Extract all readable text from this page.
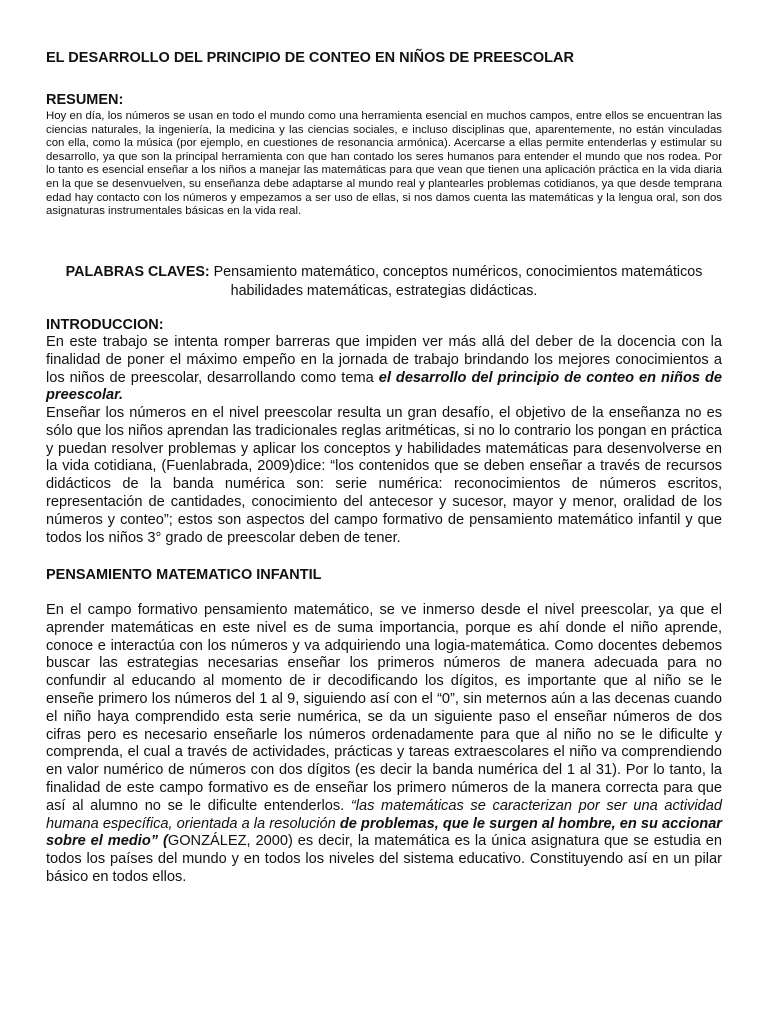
EL DESARROLLO DEL PRINCIPIO DE CONTEO EN NIÑOS DE PREESCOLAR
RESUMEN:

Hoy en día, los números se usan en todo el mundo como una herramienta esencial en muchos campos, entre ellos se encuentran las ciencias naturales, la ingeniería, la medicina y las ciencias sociales, e incluso disciplinas que, aparentemente, no están vinculadas con ella, como la música (por ejemplo, en cuestiones de resonancia armónica). Acercarse a ellas permite entenderlas y estimular su desarrollo, ya que son la principal herramienta con que han contado los seres humanos para entender el mundo que nos rodea. Por lo tanto es esencial enseñar a los niños a manejar las matemáticas para que vean que tienen una aplicación práctica en la vida diaria en la que se desenvuelven, su enseñanza debe adaptarse al mundo real y plantearles problemas cotidianos, ya que desde temprana edad hay contacto con los números y empezamos a ser uso de ellas, si nos damos cuenta las matemáticas y la lengua oral, son dos asignaturas instrumentales básicas en la vida real.

PALABRAS CLAVES: Pensamiento matemático, conceptos numéricos, conocimientos matemáticos habilidades matemáticas, estrategias didácticas.
INTRODUCCION:

En este trabajo se intenta romper barreras que impiden ver más allá del deber de la docencia con la finalidad de poner el máximo empeño en la jornada de trabajo brindando los mejores conocimientos a los niños de preescolar, desarrollando como tema el desarrollo del principio de conteo en niños de preescolar.

Enseñar los números en el nivel preescolar resulta un gran desafío, el objetivo de la enseñanza no es sólo que los niños aprendan las tradicionales reglas aritméticas, si no lo contrario los pongan en práctica y puedan resolver problemas y aplicar los conceptos y habilidades matemáticas para desenvolverse en la vida cotidiana, (Fuenlabrada, 2009)dice: “los contenidos que se deben enseñar a través de recursos didácticos de la banda numérica son: serie numérica: reconocimientos de números escritos, representación de cantidades, conocimiento del antecesor y sucesor, mayor y menor, oralidad de los números y conteo”; estos son aspectos del campo formativo de pensamiento matemático infantil y que todos los niños 3° grado de preescolar deben de tener.

PENSAMIENTO MATEMATICO INFANTIL

En el campo formativo pensamiento matemático, se ve inmerso desde el nivel preescolar, ya que el aprender matemáticas en este nivel es de suma importancia, porque es ahí donde el niño aprende, conoce e interactúa con los números y va adquiriendo una logia-matemática. Como docentes debemos buscar las estrategias necesarias enseñar los primeros números de manera adecuada para no confundir al educando al momento de ir decodificando los dígitos, es importante que al niño se le enseñe primero los números del 1 al 9, siguiendo así con el “0”, sin meternos aún a las decenas cuando el niño haya comprendido esta serie numérica, se da un siguiente paso el enseñar números de dos cifras pero es necesario enseñarle los números ordenadamente para que al niño no se le dificulte y comprenda, el cual a través de actividades, prácticas y tareas extraescolares el niño va comprendiendo en valor numérico de números con dos dígitos (es decir la banda numérica del 1 al 31). Por lo tanto, la finalidad de este campo formativo es de enseñar los primero números de la manera correcta para que así al alumno no se le dificulte entenderlos. “las matemáticas se caracterizan por ser una actividad humana específica, orientada a la resolución de problemas, que le surgen al hombre, en su accionar sobre el medio” (GONZÁLEZ, 2000) es decir, la matemática es la única asignatura que se estudia en todos los países del mundo y en todos los niveles del sistema educativo. Constituyendo así en un pilar básico en todos ellos.
